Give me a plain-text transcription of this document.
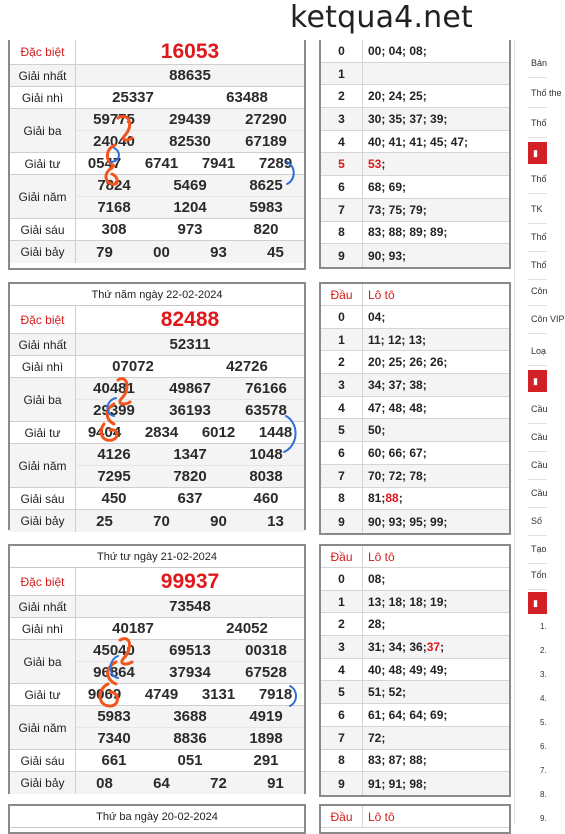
ketqua4.net
Đặc biệt	16053
Giải nhất	88635
Giải nhì	25337	63488
Giải ba
59775	29439	27290
24040	82530	67189
Giải tư	0547	6741	7941	7289
Giải năm
7824	5469	8625
7168	1204	5983
Giải sáu	308	973	820
Giải bảy	79	00	93	45
Thứ năm ngày 22-02-2024
Đặc biệt	82488
Giải nhất	52311
Giải nhì	07072	42726
Giải ba
40481	49867	76166
29399	36193	63578
Giải tư	9404	2834	6012	1448
Giải năm
4126	1347	1048
7295	7820	8038
Giải sáu	450	637	460
Giải bảy	25	70	90	13
Thứ tư ngày 21-02-2024
Đặc biệt	99937
Giải nhất	73548
Giải nhì	40187	24052
Giải ba
45040	69513	00318
96864	37934	67528
Giải tư	9069	4749	3131	7918
Giải năm
5983	3688	4919
7340	8836	1898
Giải sáu	661	051	291
Giải bảy	08	64	72	91
Thứ ba ngày 20-02-2024
0	00; 04; 08;
1
2	20; 24; 25;
3	30; 35; 37; 39;
4	40; 41; 41; 45; 47;
5	53 ;
6	68; 69;
7	73; 75; 79;
8	83; 88; 89; 89;
9	90; 93;
Đầu	Lô tô
0	04;
1	11; 12; 13;
2	20; 25; 26; 26;
3	34; 37; 38;
4	47; 48; 48;
5	50;
6	60; 66; 67;
7	70; 72; 78;
8	81; 88 ;
9	90; 93; 95; 99;
Đầu	Lô tô
0	08;
1	13; 18; 18; 19;
2	28;
3	31; 34; 36; 37 ;
4	40; 48; 49; 49;
5	51; 52;
6	61; 64; 64; 69;
7	72;
8	83; 87; 88;
9	91; 91; 98;
Đầu	Lô tô
Bản
Thố the
Thố
Thố
TK
Thố
Thố
Côn
Côn VIP
Loạ
Cầu
Cầu
Cầu
Cầu
Số
Tạo
Tổn
▮
▮
▮
1.
2.
3.
4.
5.
6.
7.
8.
9.
